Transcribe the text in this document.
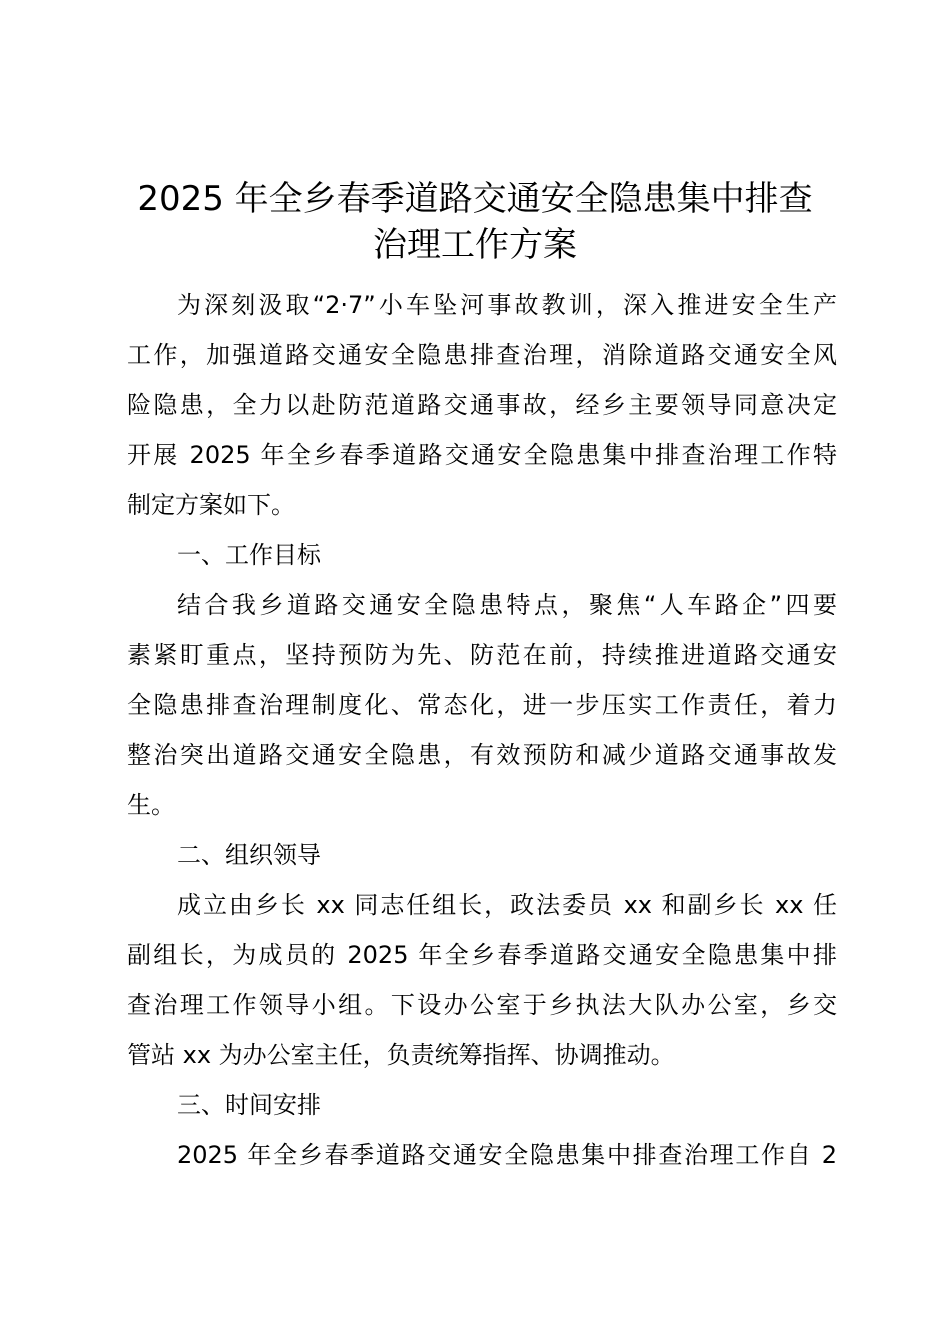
2025 年全乡春季道路交通安全隐患集中排查
治理工作方案
为深刻汲取“2·7”小车坠河事故教训，深入推进安全生产
工作，加强道路交通安全隐患排查治理，消除道路交通安全风
险隐患，全力以赴防范道路交通事故，经乡主要领导同意决定
开展 2025 年全乡春季道路交通安全隐患集中排查治理工作特
制定方案如下。
一、工作目标
结合我乡道路交通安全隐患特点，聚焦“人车路企”四要
素紧盯重点，坚持预防为先、防范在前，持续推进道路交通安
全隐患排查治理制度化、常态化，进一步压实工作责任，着力
整治突出道路交通安全隐患，有效预防和减少道路交通事故发
生。
二、组织领导
成立由乡长 xx 同志任组长，政法委员 xx 和副乡长 xx 任
副组长，为成员的 2025 年全乡春季道路交通安全隐患集中排
查治理工作领导小组。下设办公室于乡执法大队办公室，乡交
管站 xx 为办公室主任，负责统筹指挥、协调推动。
三、时间安排
2025 年全乡春季道路交通安全隐患集中排查治理工作自 2
